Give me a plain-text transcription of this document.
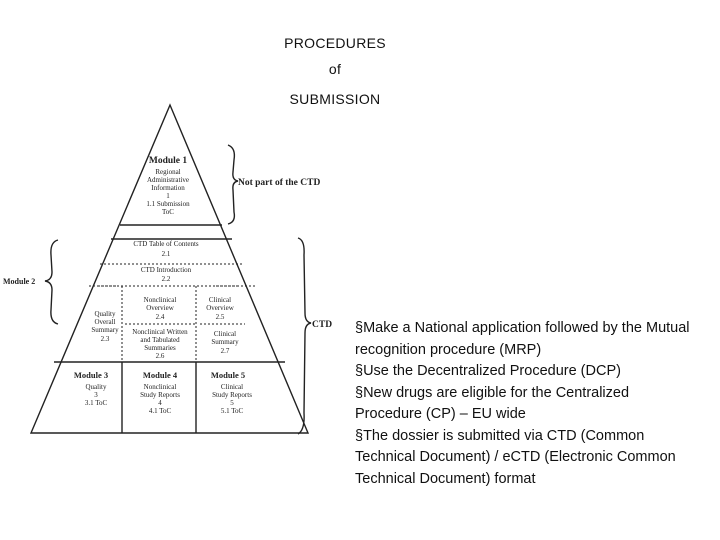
PROCEDURES
of
SUBMISSION
Module 1
Regional
Administrative
Information
1
1.1 Submission
ToC
CTD Table of Contents
2.1
CTD Introduction
2.2
Quality
Overall
Summary
2.3
Nonclinical
Overview
2.4
Clinical
Overview
2.5
Nonclinical Written
and Tabulated
Summaries
2.6
Clinical
Summary
2.7
Module 3
Quality
3
3.1 ToC
Module 4
Nonclinical
Study Reports
4
4.1 ToC
Module 5
Clinical
Study Reports
5
5.1 ToC
Not part of the CTD
Module 2
CTD §Make a National application followed by the Mutual recognition procedure (MRP)

§Use the Decentralized Procedure (DCP)

§New drugs are eligible for the Centralized Procedure (CP) – EU wide

§The dossier is submitted via CTD (Common Technical Document) / eCTD (Electronic Common Technical Document) format
